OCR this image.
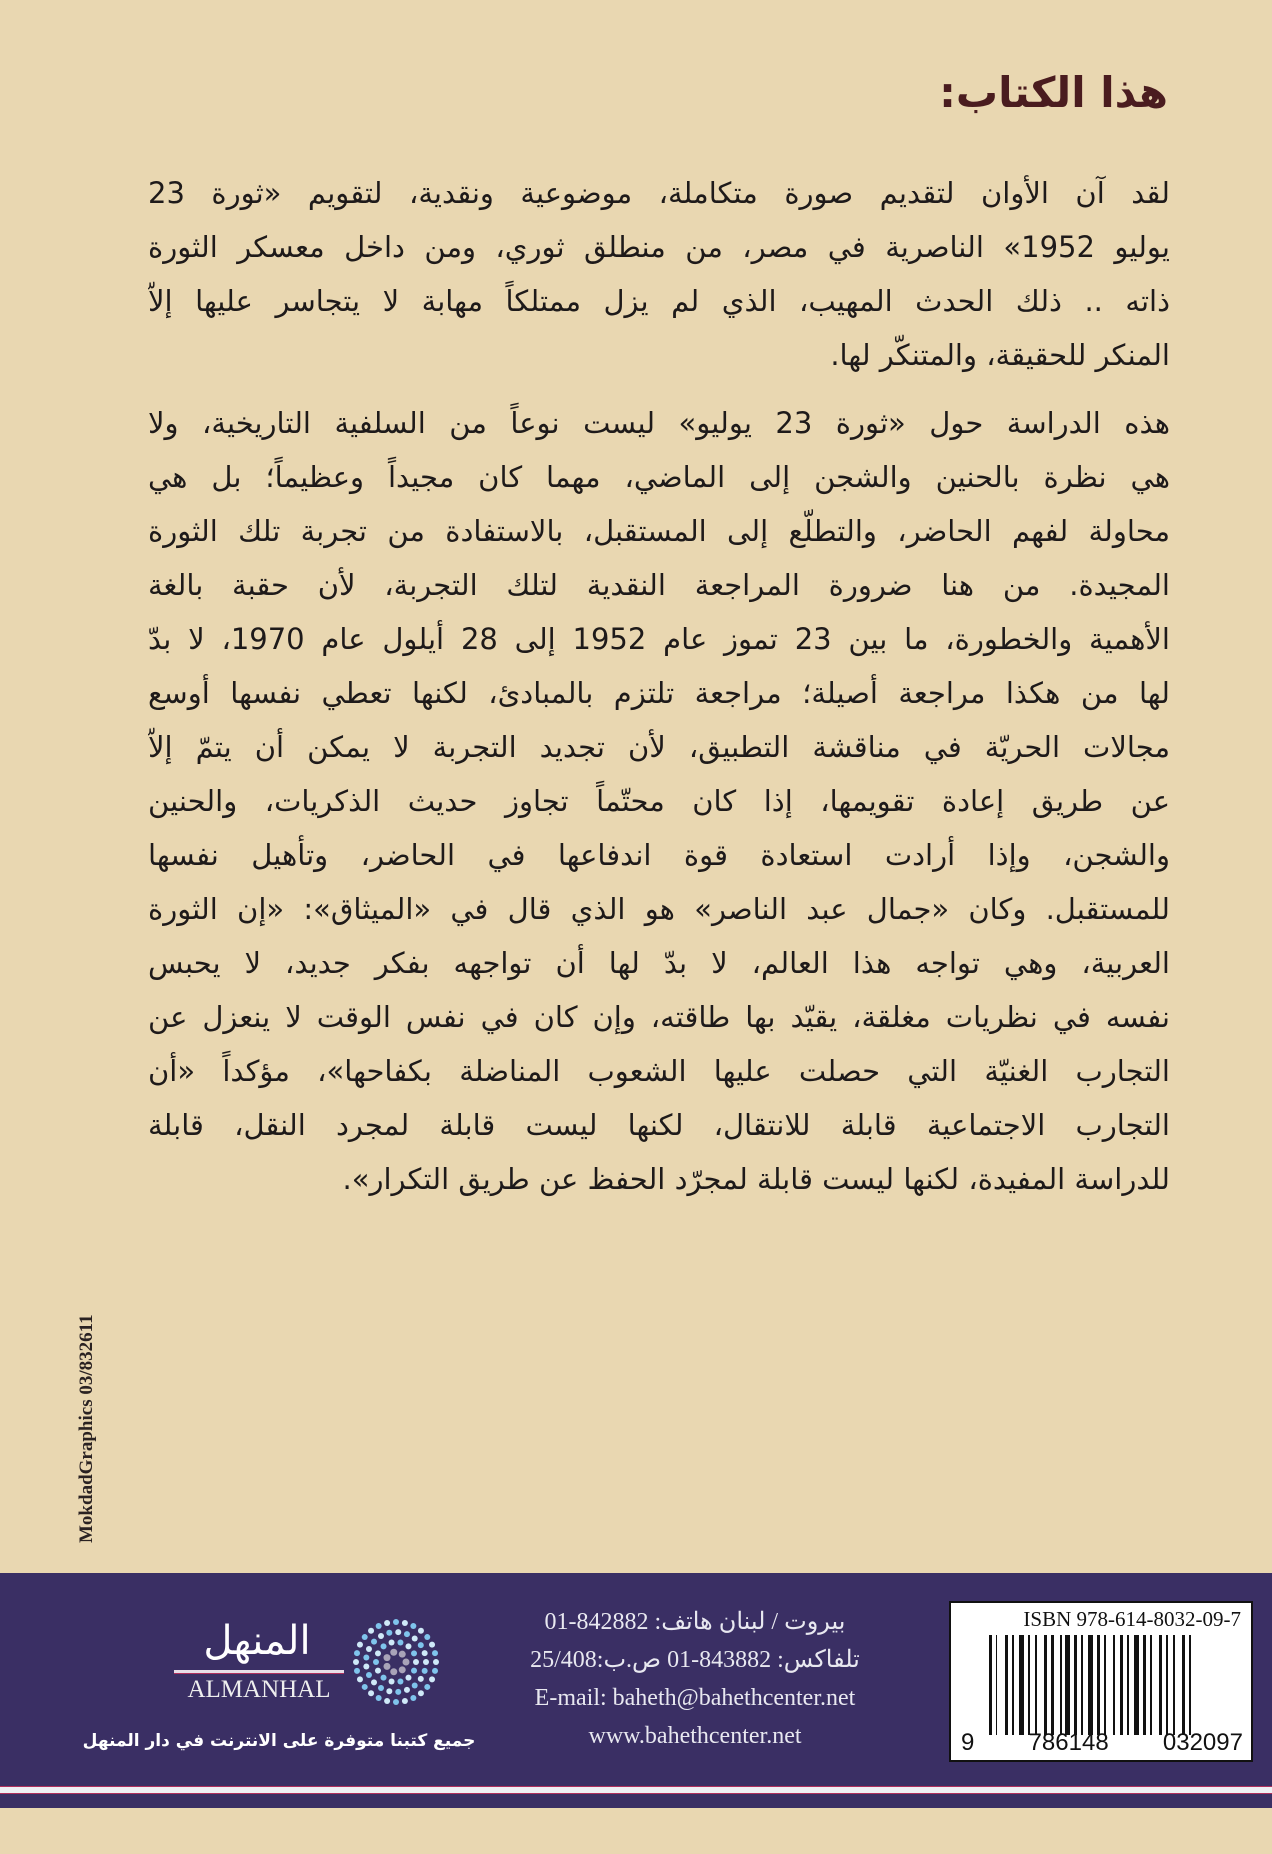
هذا الكتاب:
لقد آن الأوان لتقديم صورة متكاملة، موضوعية ونقدية، لتقويم «ثورة 23
يوليو 1952» الناصرية في مصر، من منطلق ثوري، ومن داخل معسكر الثورة
ذاته .. ذلك الحدث المهيب، الذي لم يزل ممتلكاً مهابة لا يتجاسر عليها إلاّ
المنكر للحقيقة، والمتنكّر لها.
هذه الدراسة حول «ثورة 23 يوليو» ليست نوعاً من السلفية التاريخية، ولا
هي نظرة بالحنين والشجن إلى الماضي، مهما كان مجيداً وعظيماً؛ بل هي
محاولة لفهم الحاضر، والتطلّع إلى المستقبل، بالاستفادة من تجربة تلك الثورة
المجيدة. من هنا ضرورة المراجعة النقدية لتلك التجربة، لأن حقبة بالغة
الأهمية والخطورة، ما بين 23 تموز عام 1952 إلى 28 أيلول عام 1970، لا بدّ
لها من هكذا مراجعة أصيلة؛ مراجعة تلتزم بالمبادئ، لكنها تعطي نفسها أوسع
مجالات الحريّة في مناقشة التطبيق، لأن تجديد التجربة لا يمكن أن يتمّ إلاّ
عن طريق إعادة تقويمها، إذا كان محتّماً تجاوز حديث الذكريات، والحنين
والشجن، وإذا أرادت استعادة قوة اندفاعها في الحاضر، وتأهيل نفسها
للمستقبل. وكان «جمال عبد الناصر» هو الذي قال في «الميثاق»: «إن الثورة
العربية، وهي تواجه هذا العالم، لا بدّ لها أن تواجهه بفكر جديد، لا يحبس
نفسه في نظريات مغلقة، يقيّد بها طاقته، وإن كان في نفس الوقت لا ينعزل عن
التجارب الغنيّة التي حصلت عليها الشعوب المناضلة بكفاحها»، مؤكداً «أن
التجارب الاجتماعية قابلة للانتقال، لكنها ليست قابلة لمجرد النقل، قابلة
للدراسة المفيدة، لكنها ليست قابلة لمجرّد الحفظ عن طريق التكرار».
MokdadGraphics 03/832611
ISBN 978-614-8032-09-7
9 786148 032097
بيروت / لبنان هاتف: 842882-01
تلفاكس: 843882-01 ص.ب:25/408
E-mail: baheth@bahethcenter.net
www.bahethcenter.net
المنهل
ALMANHAL
جميع كتبنا متوفرة على الانترنت في دار المنهل
